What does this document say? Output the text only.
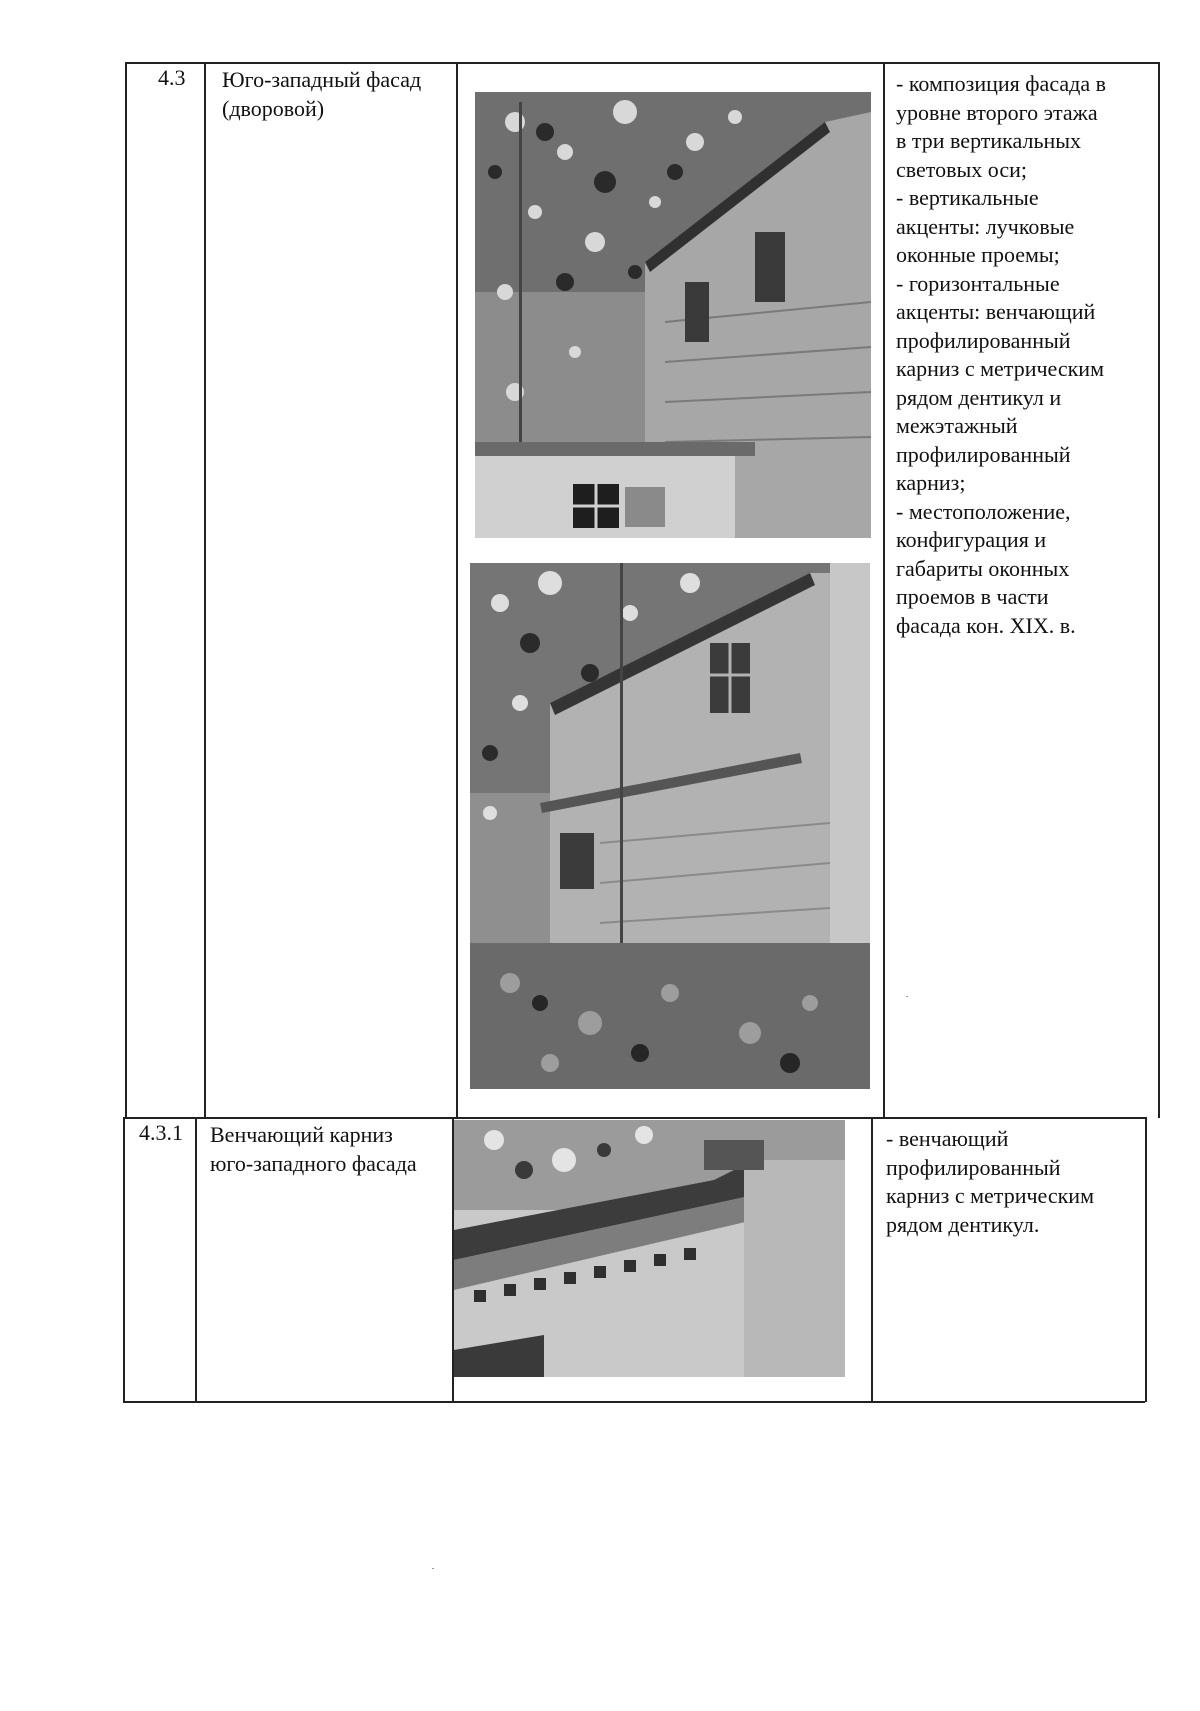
4.3 Юго-западный фасад
(дворовой)
- композиция фасада в
уровне второго этажа
в три вертикальных
световых оси;
- вертикальные
акценты: лучковые
оконные проемы;
- горизонтальные
акценты: венчающий
профилированный
карниз с метрическим
рядом дентикул и
межэтажный
профилированный
карниз;
- местоположение,
конфигурация и
габариты оконных
проемов в части
фасада кон. XIX. в.
4.3.1 Венчающий карниз
юго-западного фасада
- венчающий
профилированный
карниз с метрическим
рядом дентикул.
